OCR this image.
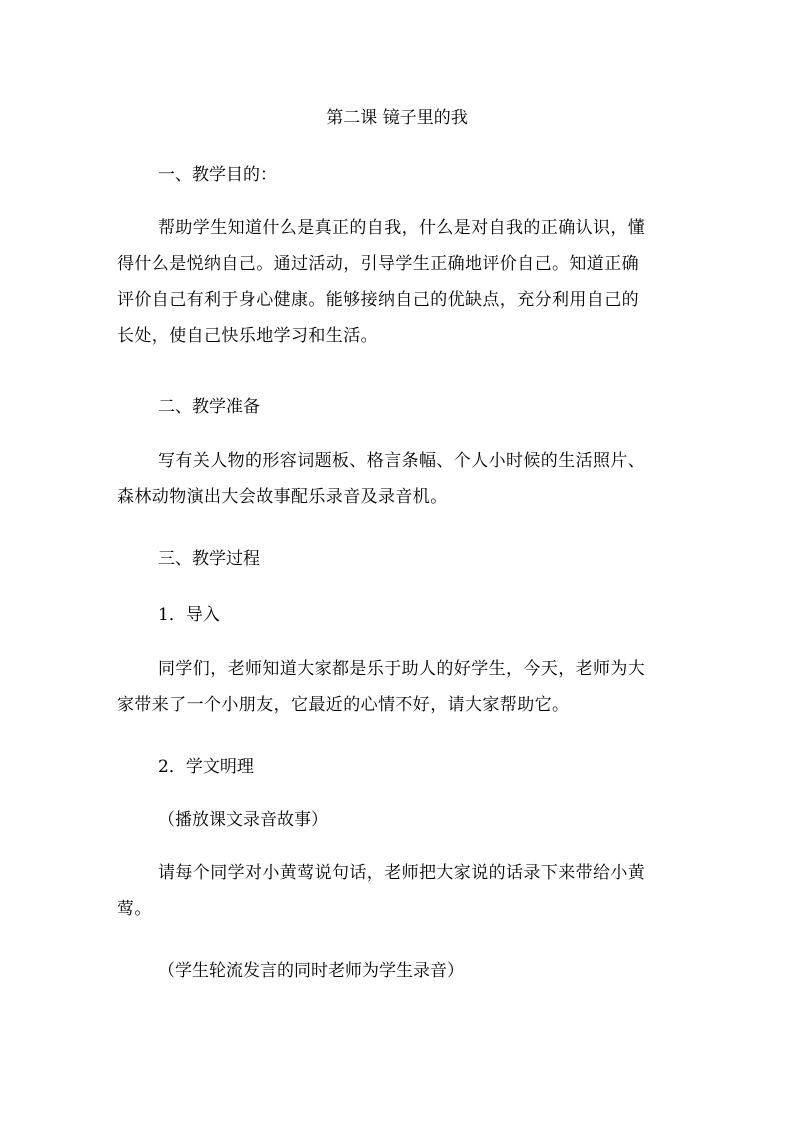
第二课 镜子里的我
一、教学目的：
帮助学生知道什么是真正的自我，什么是对自我的正确认识，懂
得什么是悦纳自己。通过活动，引导学生正确地评价自己。知道正确
评价自己有利于身心健康。能够接纳自己的优缺点，充分利用自己的
长处，使自己快乐地学习和生活。
二、教学准备
写有关人物的形容词题板、格言条幅、个人小时候的生活照片、
森林动物演出大会故事配乐录音及录音机。
三、教学过程
1．导入
同学们，老师知道大家都是乐于助人的好学生，今天，老师为大
家带来了一个小朋友，它最近的心情不好，请大家帮助它。
2．学文明理
（播放课文录音故事）
请每个同学对小黄莺说句话，老师把大家说的话录下来带给小黄
莺。
（学生轮流发言的同时老师为学生录音）
